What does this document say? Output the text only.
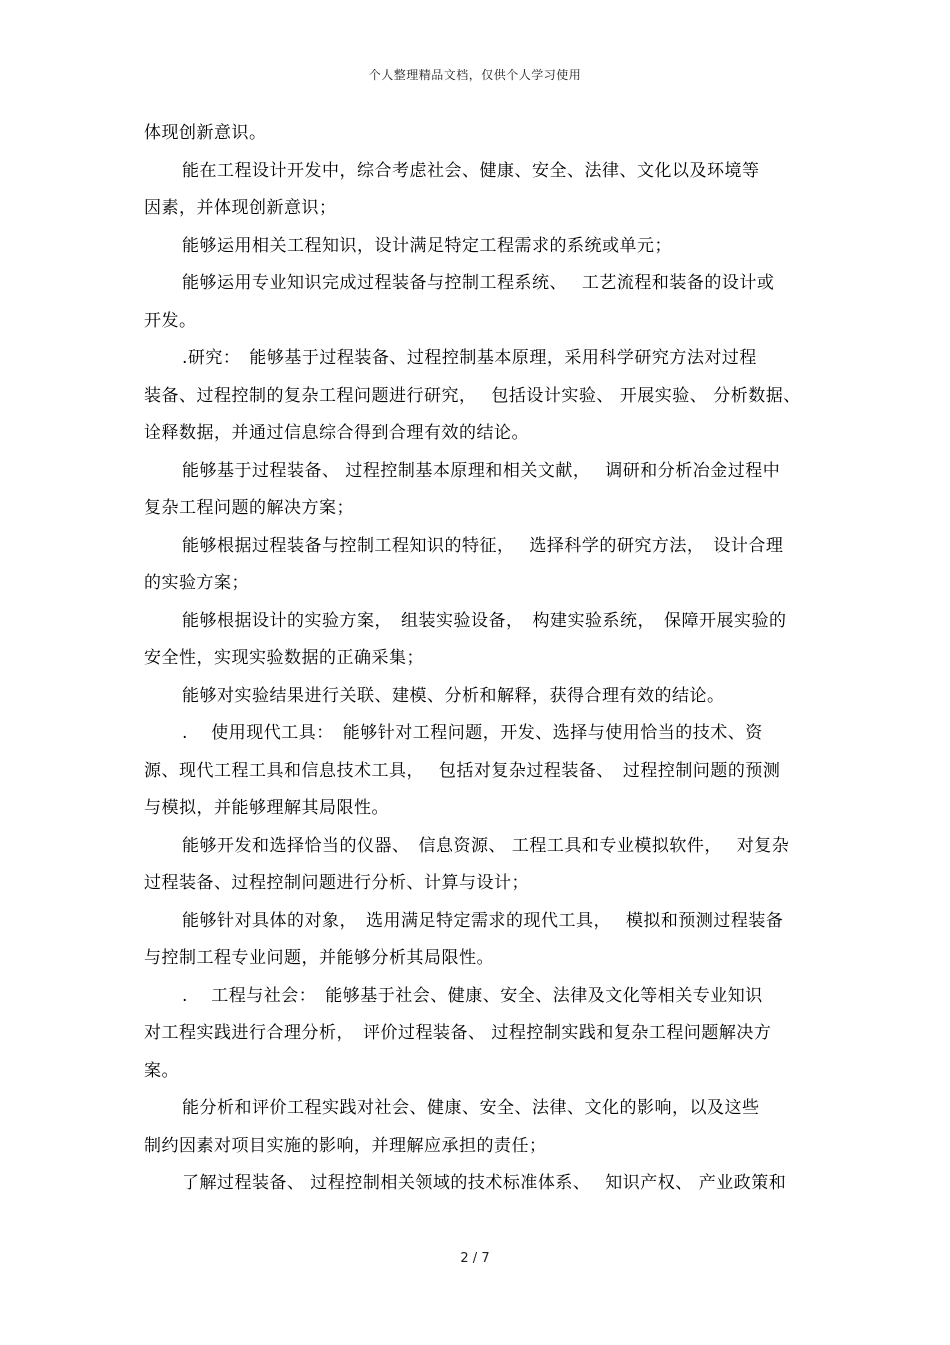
个人整理精品文档，仅供个人学习使用
体现创新意识。
能在工程设计开发中，综合考虑社会、健康、安全、法律、文化以及环境等
因素，并体现创新意识；
能够运用相关工程知识，设计满足特定工程需求的系统或单元；
能够运用专业知识完成过程装备与控制工程系统、　 工艺流程和装备的设计或
开发。
.研究：　能够基于过程装备、过程控制基本原理，采用科学研究方法对过程
装备、过程控制的复杂工程问题进行研究，　 包括设计实验、 开展实验、 分析数据、
诠释数据，并通过信息综合得到合理有效的结论。
能够基于过程装备、 过程控制基本原理和相关文献，　 调研和分析冶金过程中
复杂工程问题的解决方案；
能够根据过程装备与控制工程知识的特征，　 选择科学的研究方法，　设计合理
的实验方案；
能够根据设计的实验方案，　组装实验设备，　构建实验系统，　保障开展实验的
安全性，实现实验数据的正确采集；
能够对实验结果进行关联、建模、分析和解释，获得合理有效的结论。
.　 使用现代工具：　能够针对工程问题，开发、选择与使用恰当的技术、资
源、现代工程工具和信息技术工具，　 包括对复杂过程装备、　过程控制问题的预测
与模拟，并能够理解其局限性。
能够开发和选择恰当的仪器、　信息资源、 工程工具和专业模拟软件，　 对复杂
过程装备、过程控制问题进行分析、计算与设计；
能够针对具体的对象，　选用满足特定需求的现代工具，　 模拟和预测过程装备
与控制工程专业问题，并能够分析其局限性。
.　 工程与社会：　能够基于社会、健康、安全、法律及文化等相关专业知识
对工程实践进行合理分析，　评价过程装备、 过程控制实践和复杂工程问题解决方
案。
能分析和评价工程实践对社会、健康、安全、法律、文化的影响，以及这些
制约因素对项目实施的影响，并理解应承担的责任；
了解过程装备、 过程控制相关领域的技术标准体系、　 知识产权、 产业政策和
2 / 7
